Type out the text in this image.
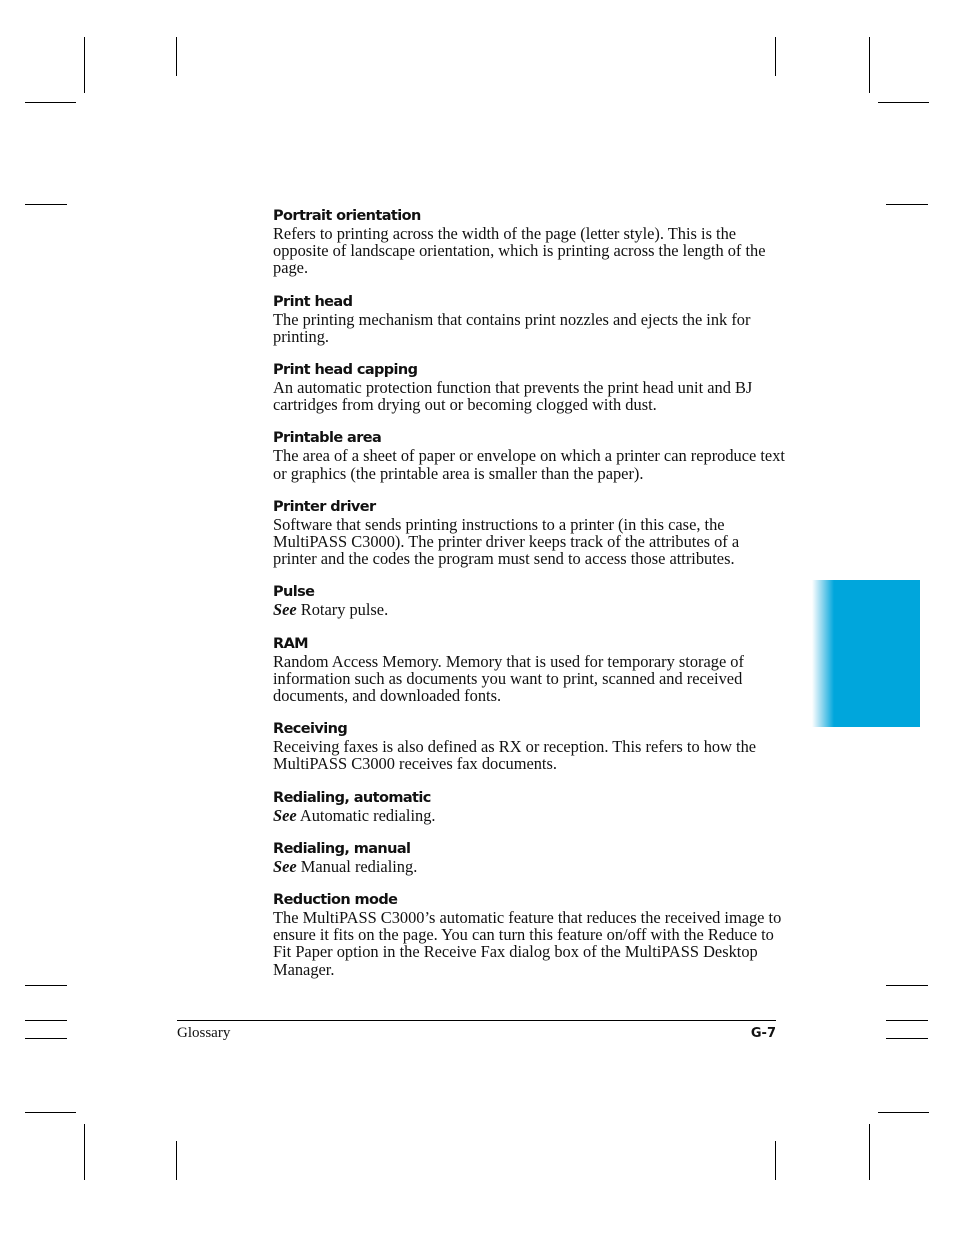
Portrait orientation
Refers to printing across the width of the page (letter style). This is the opposite of landscape orientation, which is printing across the length of the page.
Print head
The printing mechanism that contains print nozzles and ejects the ink for printing.
Print head capping
An automatic protection function that prevents the print head unit and BJ cartridges from drying out or becoming clogged with dust.
Printable area
The area of a sheet of paper or envelope on which a printer can reproduce text or graphics (the printable area is smaller than the paper).
Printer driver
Software that sends printing instructions to a printer (in this case, the MultiPASS C3000). The printer driver keeps track of the attributes of a printer and the codes the program must send to access those attributes.
Pulse
See Rotary pulse.
RAM
Random Access Memory. Memory that is used for temporary storage of information such as documents you want to print, scanned and received documents, and downloaded fonts.
Receiving
Receiving faxes is also defined as RX or reception. This refers to how the MultiPASS C3000 receives fax documents.
Redialing, automatic
See Automatic redialing.
Redialing, manual
See Manual redialing.
Reduction mode
The MultiPASS C3000’s automatic feature that reduces the received image to ensure it fits on the page. You can turn this feature on/off with the Reduce to Fit Paper option in the Receive Fax dialog box of the MultiPASS Desktop Manager.
Glossary	G-7
